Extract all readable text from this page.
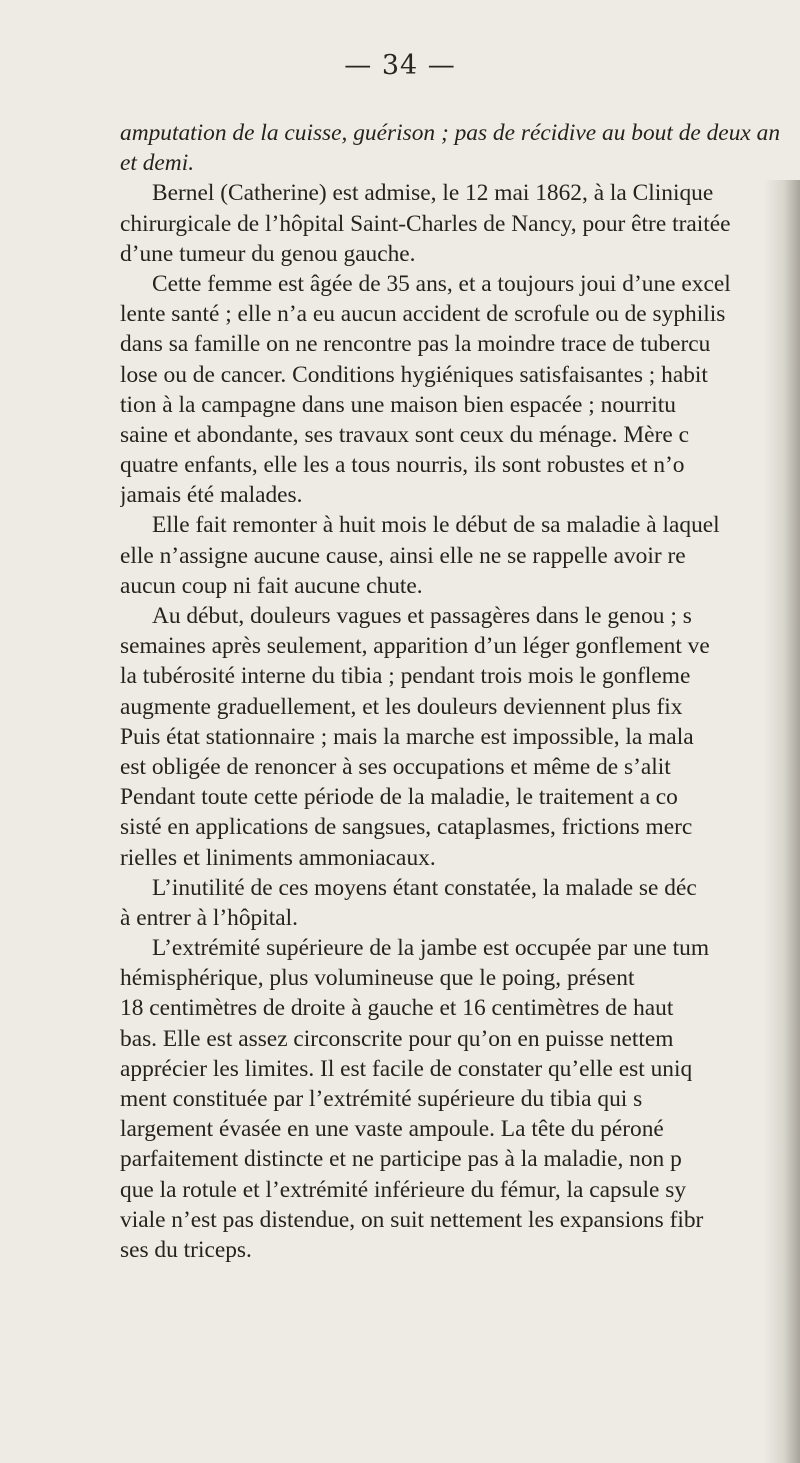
— 34 —
amputation de la cuisse, guérison ; pas de récidive au bout de deux an
et demi.
Bernel (Catherine) est admise, le 12 mai 1862, à la Clinique
chirurgicale de l’hôpital Saint-Charles de Nancy, pour être traitée
d’une tumeur du genou gauche.
Cette femme est âgée de 35 ans, et a toujours joui d’une excel
lente santé ; elle n’a eu aucun accident de scrofule ou de syphilis
dans sa famille on ne rencontre pas la moindre trace de tubercu
lose ou de cancer. Conditions hygiéniques satisfaisantes ; habit
tion à la campagne dans une maison bien espacée ; nourritu
saine et abondante, ses travaux sont ceux du ménage. Mère c
quatre enfants, elle les a tous nourris, ils sont robustes et n’o
jamais été malades.
Elle fait remonter à huit mois le début de sa maladie à laquel
elle n’assigne aucune cause, ainsi elle ne se rappelle avoir re
aucun coup ni fait aucune chute.
Au début, douleurs vagues et passagères dans le genou ; s
semaines après seulement, apparition d’un léger gonflement ve
la tubérosité interne du tibia ; pendant trois mois le gonfleme
augmente graduellement, et les douleurs deviennent plus fix
Puis état stationnaire ; mais la marche est impossible, la mala
est obligée de renoncer à ses occupations et même de s’alit
Pendant toute cette période de la maladie, le traitement a co
sisté en applications de sangsues, cataplasmes, frictions merc
rielles et liniments ammoniacaux.
L’inutilité de ces moyens étant constatée, la malade se déc
à entrer à l’hôpital.
L’extrémité supérieure de la jambe est occupée par une tum
hémisphérique, plus volumineuse que le poing, présent
18 centimètres de droite à gauche et 16 centimètres de haut
bas. Elle est assez circonscrite pour qu’on en puisse nettem
apprécier les limites. Il est facile de constater qu’elle est uniq
ment constituée par l’extrémité supérieure du tibia qui s
largement évasée en une vaste ampoule. La tête du péroné
parfaitement distincte et ne participe pas à la maladie, non p
que la rotule et l’extrémité inférieure du fémur, la capsule sy
viale n’est pas distendue, on suit nettement les expansions fibr
ses du triceps.
